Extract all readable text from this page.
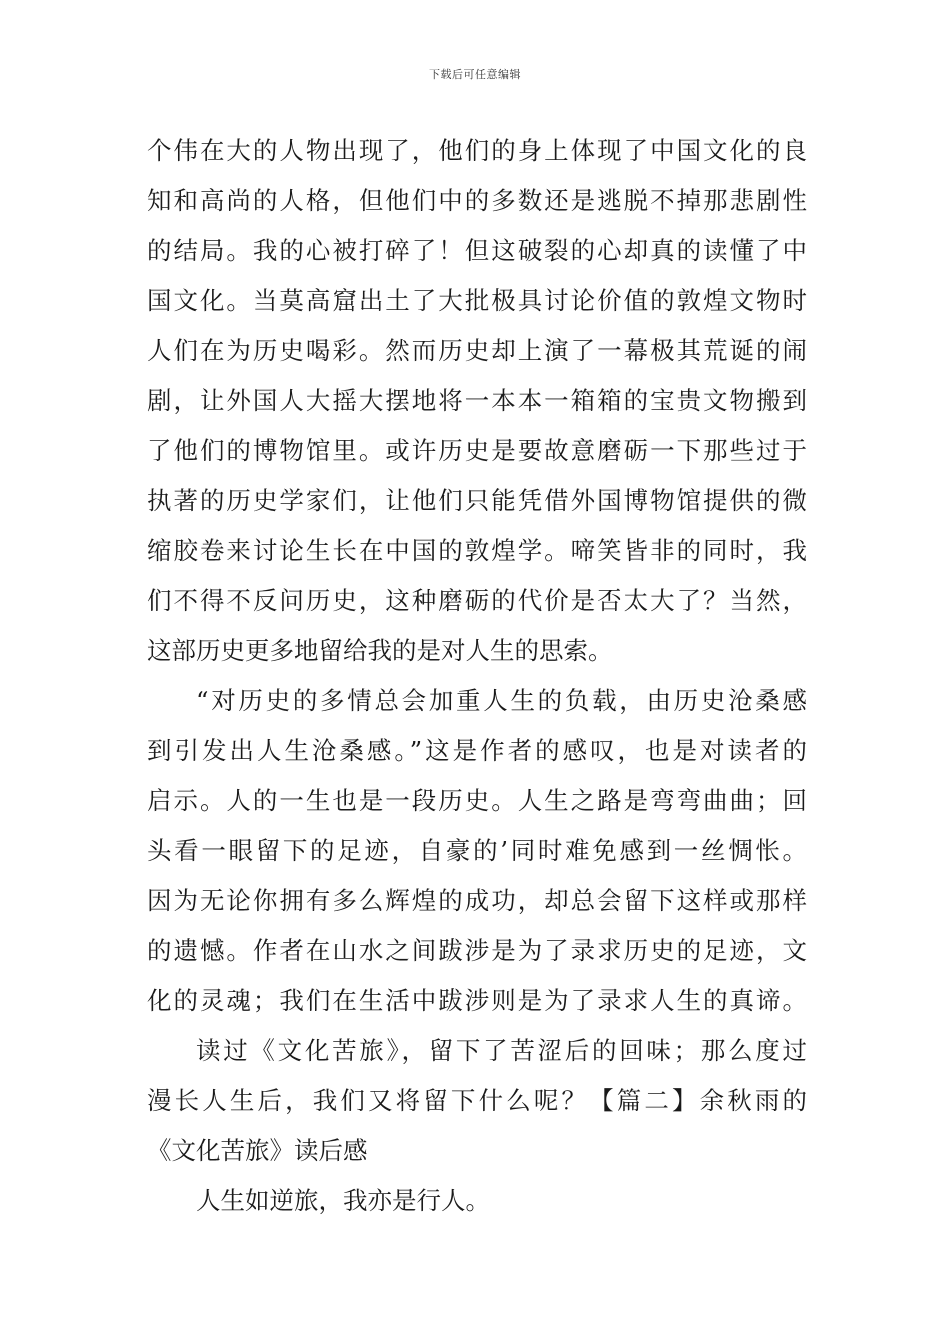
下载后可任意编辑
个伟在大的人物出现了，他们的身上体现了中国文化的良
知和高尚的人格，但他们中的多数还是逃脱不掉那悲剧性
的结局。我的心被打碎了！但这破裂的心却真的读懂了中
国文化。当莫高窟出土了大批极具讨论价值的敦煌文物时
人们在为历史喝彩。然而历史却上演了一幕极其荒诞的闹
剧，让外国人大摇大摆地将一本本一箱箱的宝贵文物搬到
了他们的博物馆里。或许历史是要故意磨砺一下那些过于
执著的历史学家们，让他们只能凭借外国博物馆提供的微
缩胶卷来讨论生长在中国的敦煌学。啼笑皆非的同时，我
们不得不反问历史，这种磨砺的代价是否太大了？当然，
这部历史更多地留给我的是对人生的思索。
“对历史的多情总会加重人生的负载，由历史沧桑感
到引发出人生沧桑感。”这是作者的感叹，也是对读者的
启示。人的一生也是一段历史。人生之路是弯弯曲曲；回
头看一眼留下的足迹，自豪的’同时难免感到一丝惆怅。
因为无论你拥有多么辉煌的成功，却总会留下这样或那样
的遗憾。作者在山水之间跋涉是为了录求历史的足迹，文
化的灵魂；我们在生活中跋涉则是为了录求人生的真谛。
读过《文化苦旅》，留下了苦涩后的回味；那么度过
漫长人生后，我们又将留下什么呢？【篇二】余秋雨的
《文化苦旅》读后感
人生如逆旅，我亦是行人。
